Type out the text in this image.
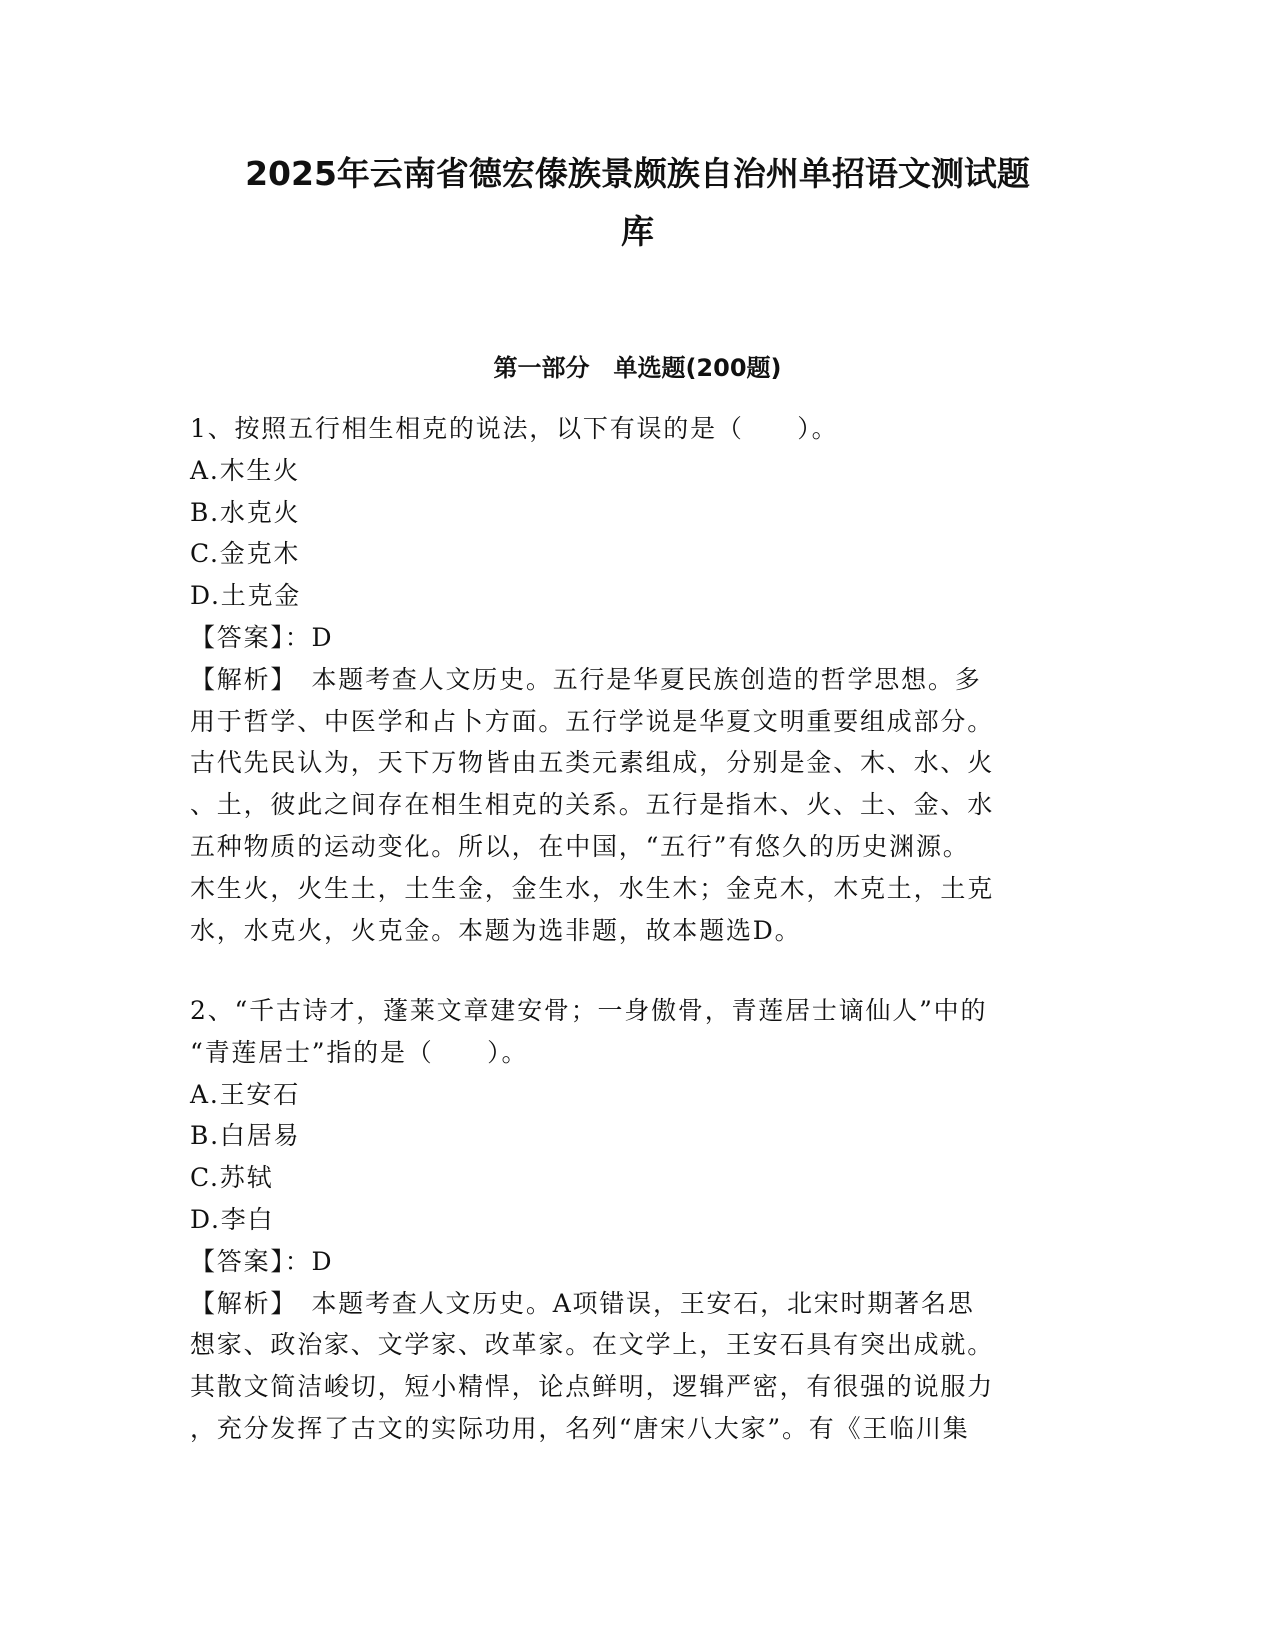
2025年云南省德宏傣族景颇族自治州单招语文测试题
库
第一部分　单选题(200题)
1、按照五行相生相克的说法，以下有误的是（　　）。
A.木生火
B.水克火
C.金克木
D.土克金
【答案】：D
【解析】　本题考查人文历史。五行是华夏民族创造的哲学思想。多
用于哲学、中医学和占卜方面。五行学说是华夏文明重要组成部分。
古代先民认为，天下万物皆由五类元素组成，分别是金、木、水、火
、土，彼此之间存在相生相克的关系。五行是指木、火、土、金、水
五种物质的运动变化。所以，在中国，“五行”有悠久的历史渊源。
木生火，火生土，土生金，金生水，水生木；金克木，木克土，土克
水，水克火，火克金。本题为选非题，故本题选D。
2、“千古诗才，蓬莱文章建安骨；一身傲骨，青莲居士谪仙人”中的
“青莲居士”指的是（　　）。
A.王安石
B.白居易
C.苏轼
D.李白
【答案】：D
【解析】　本题考查人文历史。A项错误，王安石，北宋时期著名思
想家、政治家、文学家、改革家。在文学上，王安石具有突出成就。
其散文简洁峻切，短小精悍，论点鲜明，逻辑严密，有很强的说服力
，充分发挥了古文的实际功用，名列“唐宋八大家”。有《王临川集
